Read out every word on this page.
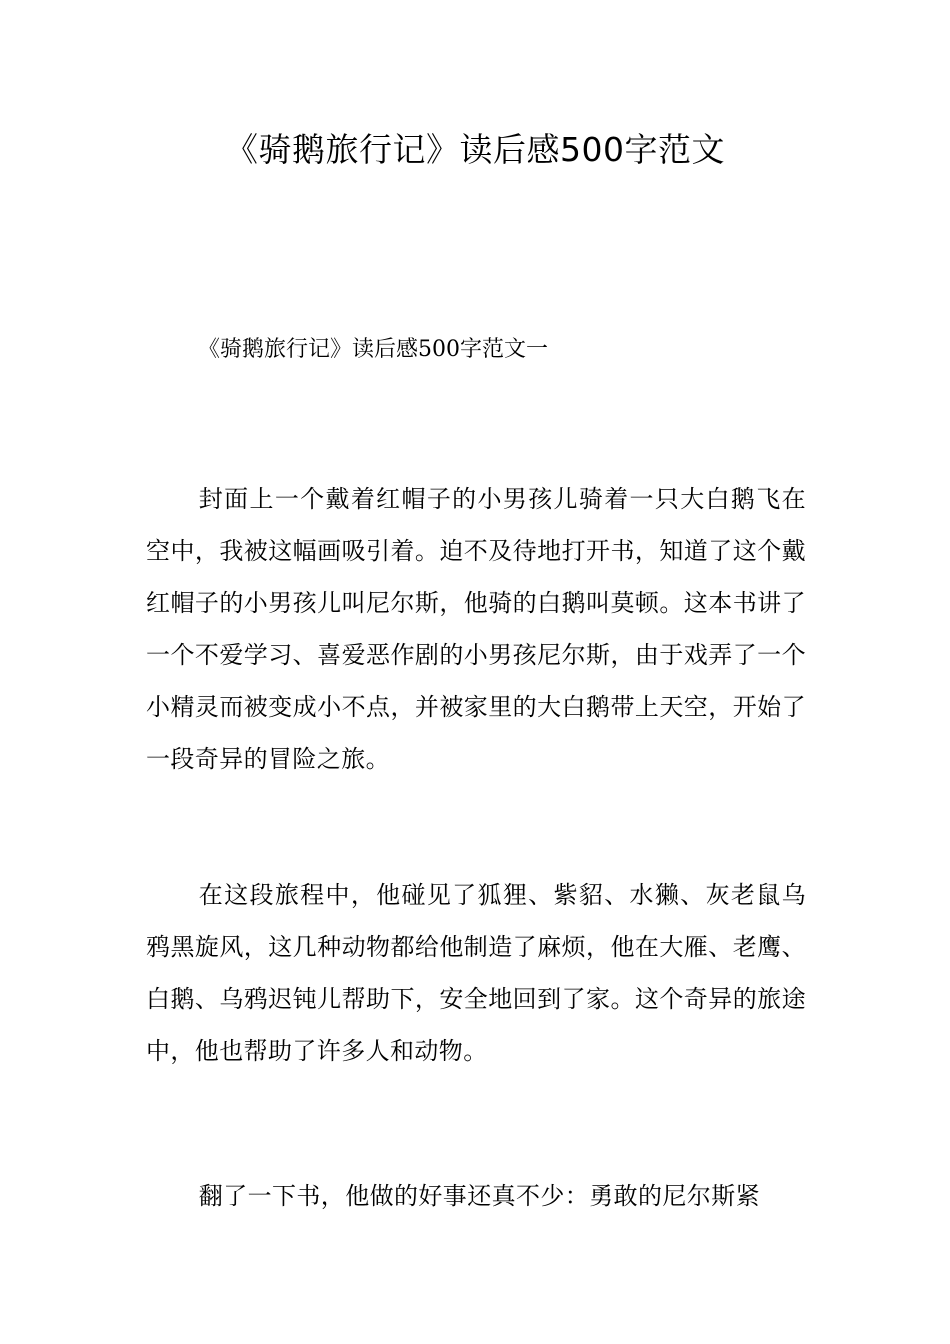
《骑鹅旅行记》读后感500字范文

《骑鹅旅行记》读后感500字范文一

封面上一个戴着红帽子的小男孩儿骑着一只大白鹅飞在空中，我被这幅画吸引着。迫不及待地打开书，知道了这个戴红帽子的小男孩儿叫尼尔斯，他骑的白鹅叫莫顿。这本书讲了一个不爱学习、喜爱恶作剧的小男孩尼尔斯，由于戏弄了一个小精灵而被变成小不点，并被家里的大白鹅带上天空，开始了一段奇异的冒险之旅。

在这段旅程中，他碰见了狐狸、紫貂、水獭、灰老鼠乌鸦黑旋风，这几种动物都给他制造了麻烦，他在大雁、老鹰、白鹅、乌鸦迟钝儿帮助下，安全地回到了家。这个奇异的旅途中，他也帮助了许多人和动物。

翻了一下书，他做的好事还真不少：勇敢的尼尔斯紧
